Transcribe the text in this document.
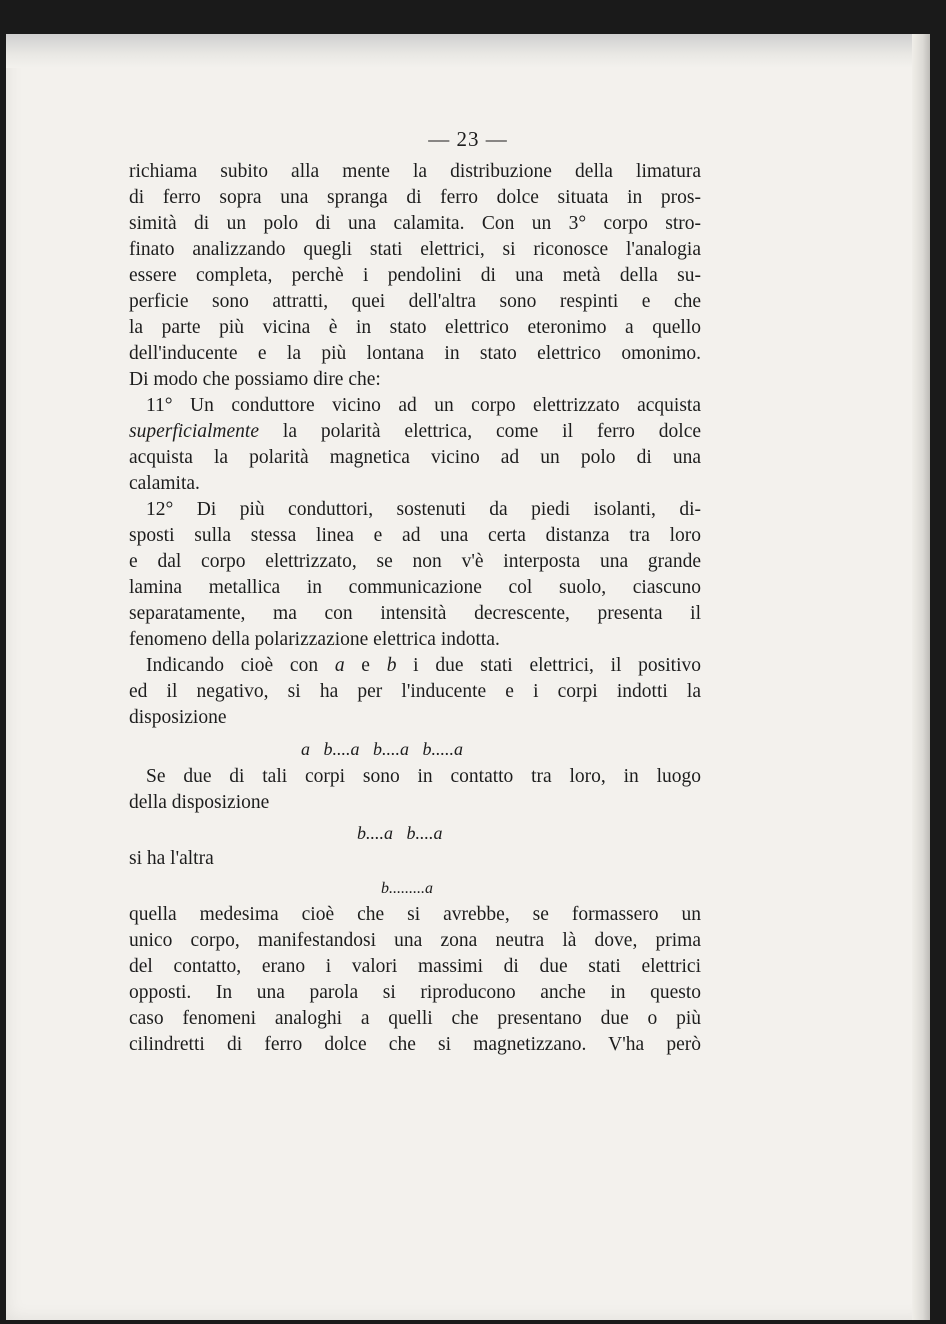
— 23 —
richiama subito alla mente la distribuzione della limatura
di ferro sopra una spranga di ferro dolce situata in pros-
simità di un polo di una calamita. Con un 3° corpo stro-
finato analizzando quegli stati elettrici, si riconosce l'analogia
essere completa, perchè i pendolini di una metà della su-
perficie sono attratti, quei dell'altra sono respinti e che
la parte più vicina è in stato elettrico eteronimo a quello
dell'inducente e la più lontana in stato elettrico omonimo.
Di modo che possiamo dire che:
11° Un conduttore vicino ad un corpo elettrizzato acquista
superficialmente la polarità elettrica, come il ferro dolce
acquista la polarità magnetica vicino ad un polo di una
calamita.
12° Di più conduttori, sostenuti da piedi isolanti, di-
sposti sulla stessa linea e ad una certa distanza tra loro
e dal corpo elettrizzato, se non v'è interposta una grande
lamina metallica in communicazione col suolo, ciascuno
separatamente, ma con intensità decrescente, presenta il
fenomeno della polarizzazione elettrica indotta.
Indicando cioè con a e b i due stati elettrici, il positivo
ed il negativo, si ha per l'inducente e i corpi indotti la
disposizione
a   b....a   b....a   b.....a
Se due di tali corpi sono in contatto tra loro, in luogo
della disposizione
b....a   b....a
si ha l'altra
b.........a
quella medesima cioè che si avrebbe, se formassero un
unico corpo, manifestandosi una zona neutra là dove, prima
del contatto, erano i valori massimi di due stati elettrici
opposti. In una parola si riproducono anche in questo
caso fenomeni analoghi a quelli che presentano due o più
cilindretti di ferro dolce che si magnetizzano. V'ha però
